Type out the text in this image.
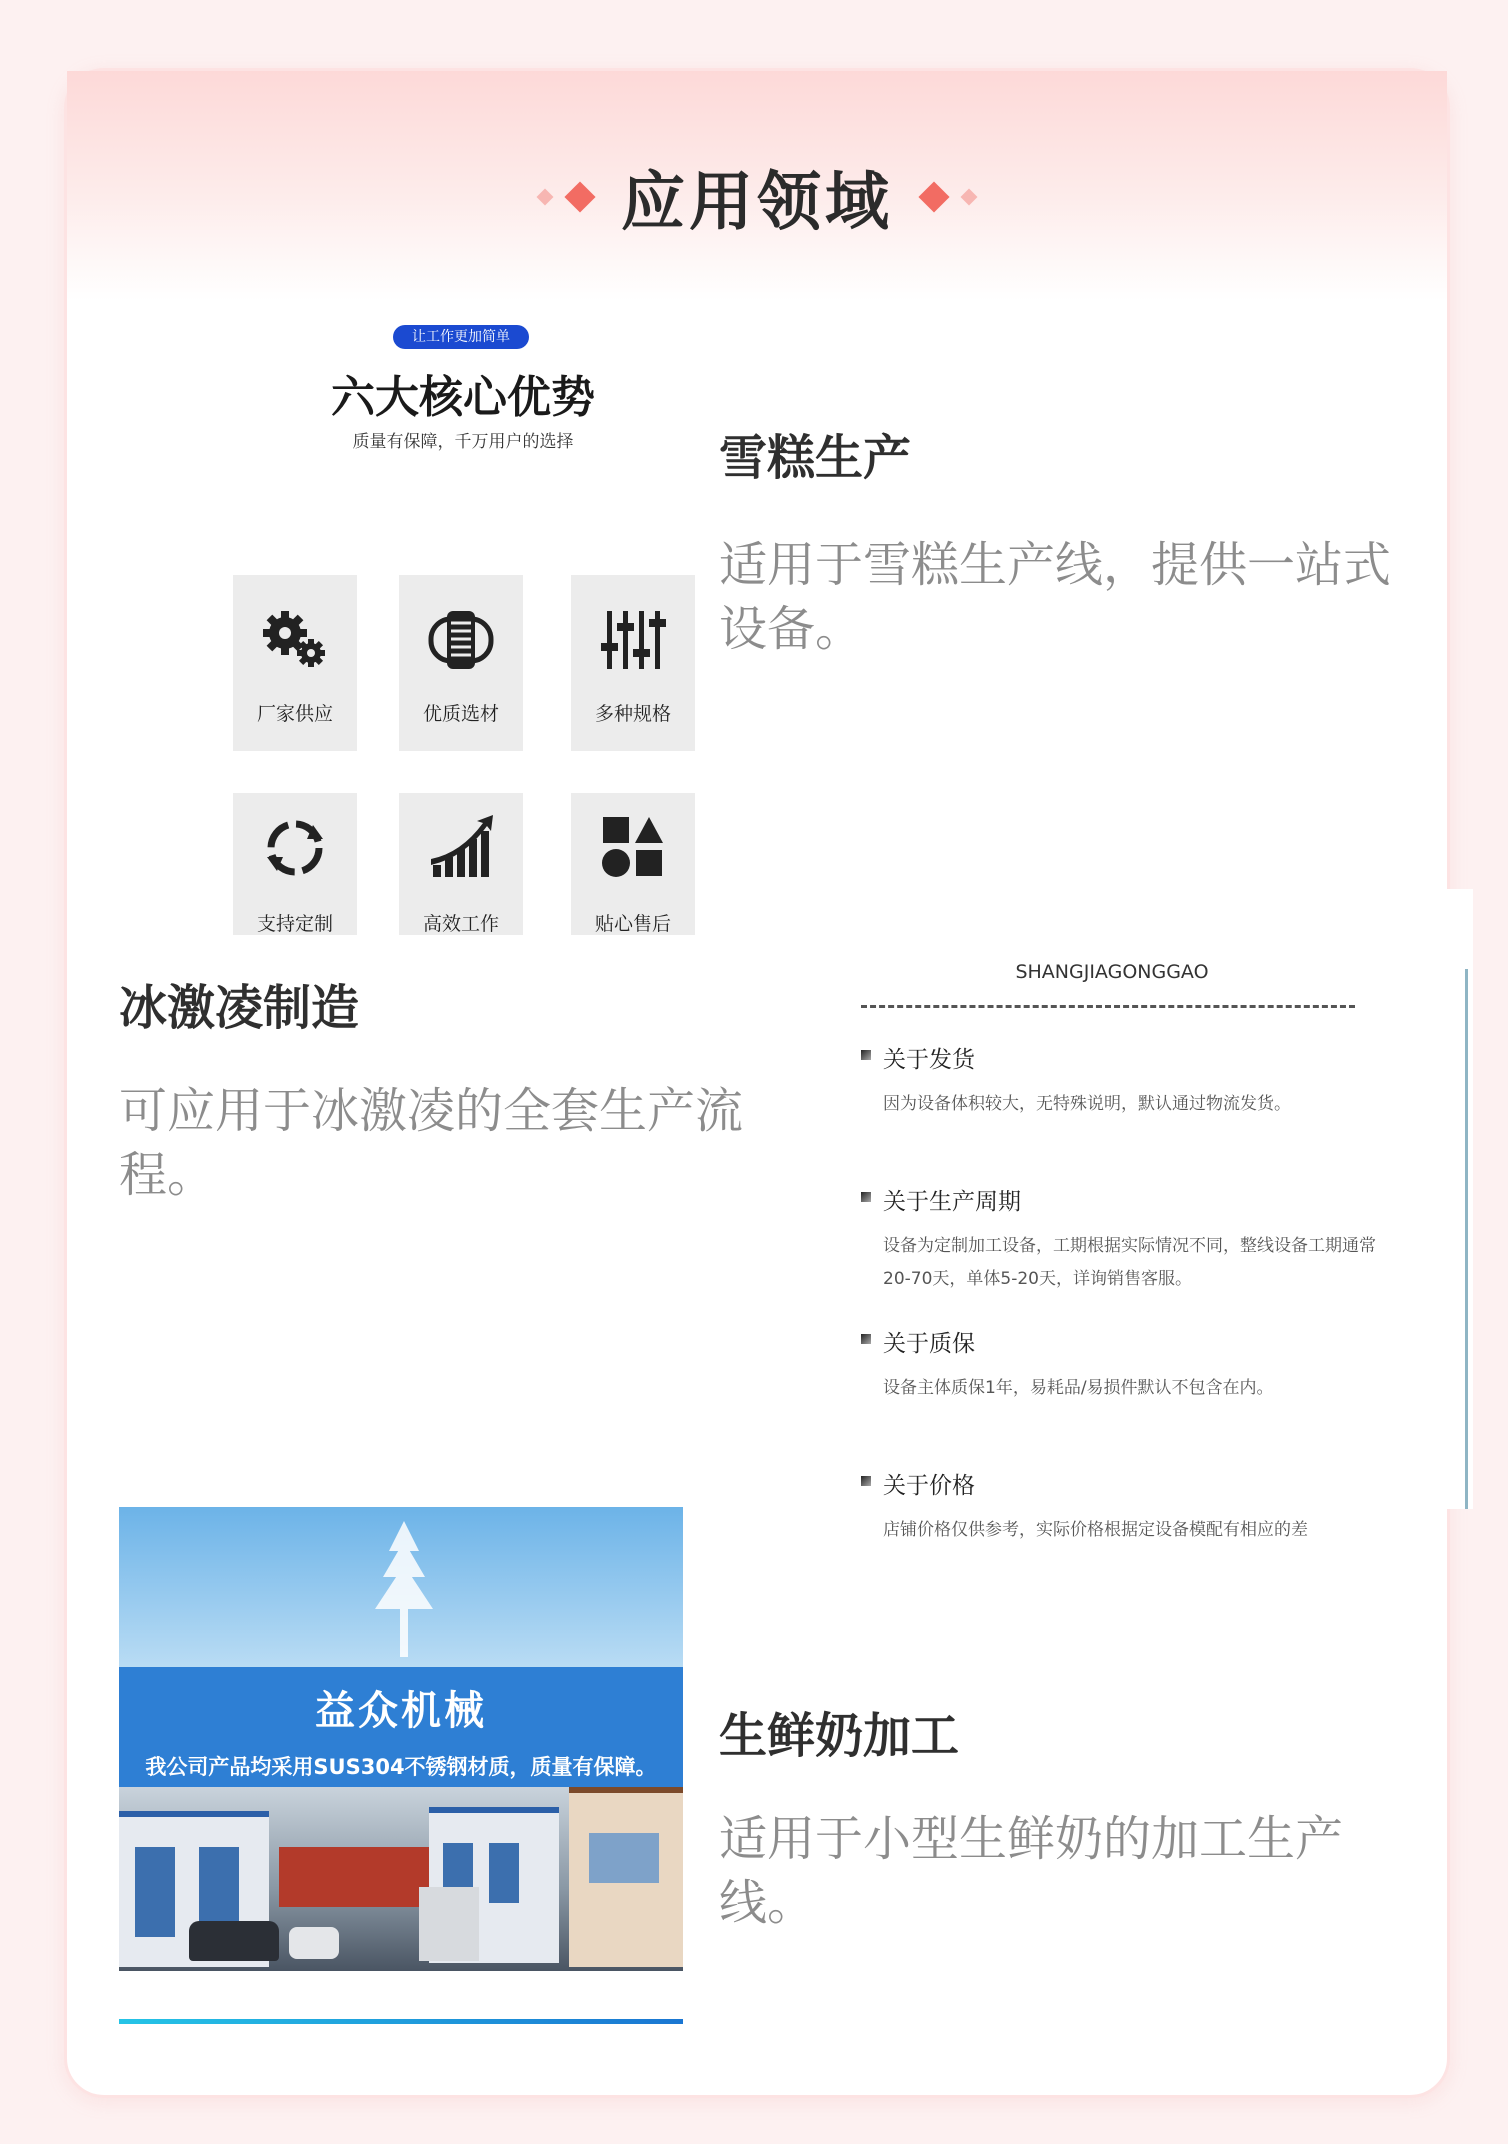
应用领域
让工作更加简单
六大核心优势
质量有保障，千万用户的选择
厂家供应	优质选材	多种规格
支持定制	高效工作	贴心售后
雪糕生产
适用于雪糕生产线，提供一站式设备。
冰激凌制造
可应用于冰激凌的全套生产流程。
SHANGJIAGONGGAO
关于发货
因为设备体积较大，无特殊说明，默认通过物流发货。
关于生产周期
设备为定制加工设备，工期根据实际情况不同，整线设备工期通常20-70天，单体5-20天，详询销售客服。
关于质保
设备主体质保1年，易耗品/易损件默认不包含在内。
关于价格
店铺价格仅供参考，实际价格根据定设备模配有相应的差
益众机械
我公司产品均采用SUS304不锈钢材质，质量有保障。
生鲜奶加工
适用于小型生鲜奶的加工生产线。
